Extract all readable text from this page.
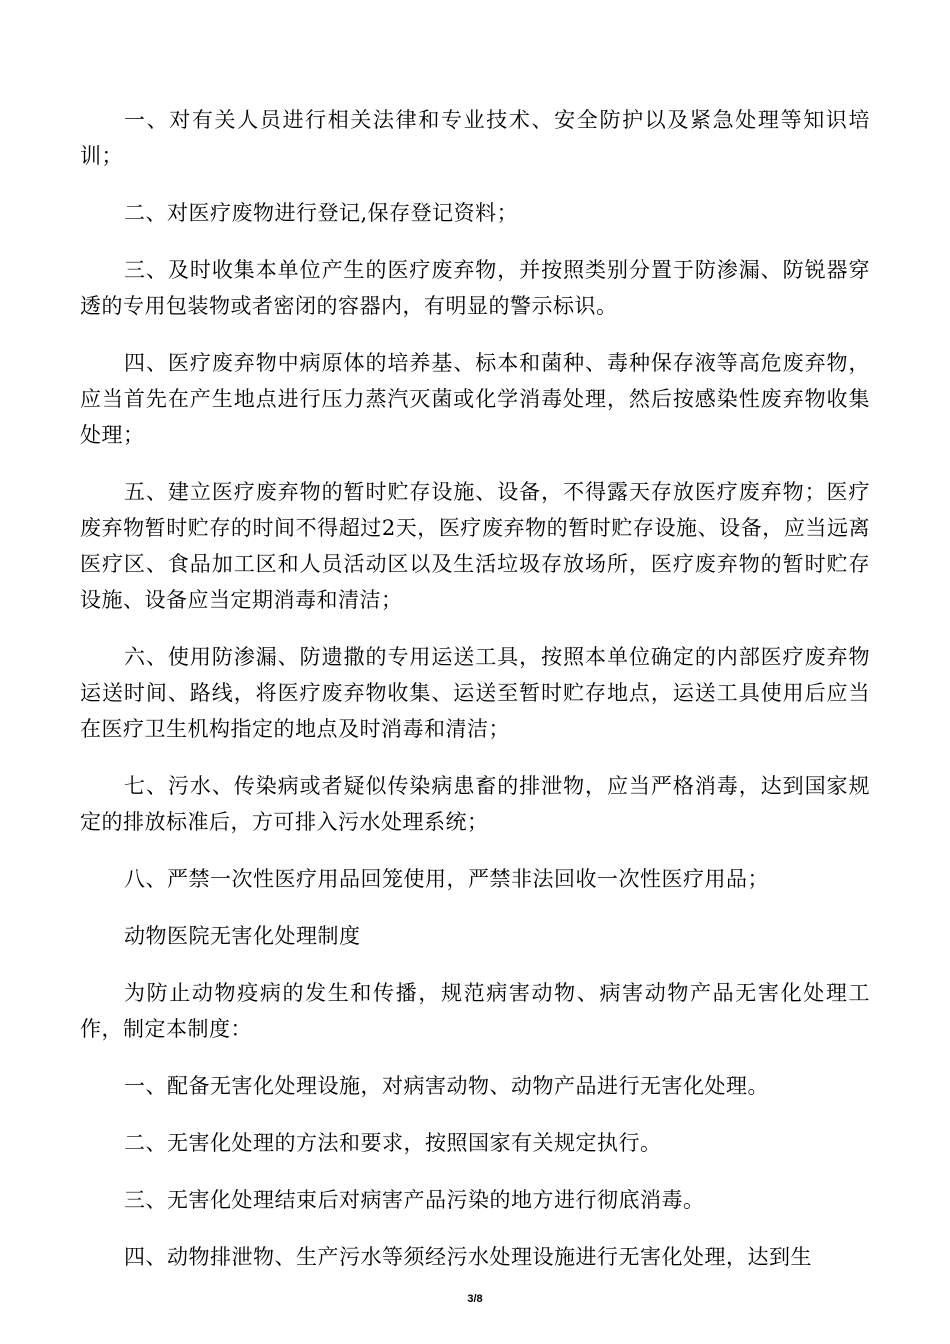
一、对有关人员进行相关法律和专业技术、安全防护以及紧急处理等知识培训；

二、对医疗废物进行登记,保存登记资料；

三、及时收集本单位产生的医疗废弃物，并按照类别分置于防渗漏、防锐器穿透的专用包装物或者密闭的容器内，有明显的警示标识。

四、医疗废弃物中病原体的培养基、标本和菌种、毒种保存液等高危废弃物，应当首先在产生地点进行压力蒸汽灭菌或化学消毒处理，然后按感染性废弃物收集处理；

五、建立医疗废弃物的暂时贮存设施、设备，不得露天存放医疗废弃物；医疗废弃物暂时贮存的时间不得超过2天，医疗废弃物的暂时贮存设施、设备，应当远离医疗区、食品加工区和人员活动区以及生活垃圾存放场所，医疗废弃物的暂时贮存设施、设备应当定期消毒和清洁；

六、使用防渗漏、防遗撒的专用运送工具，按照本单位确定的内部医疗废弃物运送时间、路线，将医疗废弃物收集、运送至暂时贮存地点，运送工具使用后应当在医疗卫生机构指定的地点及时消毒和清洁；

七、污水、传染病或者疑似传染病患畜的排泄物，应当严格消毒，达到国家规定的排放标准后，方可排入污水处理系统；

八、严禁一次性医疗用品回笼使用，严禁非法回收一次性医疗用品；

动物医院无害化处理制度

为防止动物疫病的发生和传播，规范病害动物、病害动物产品无害化处理工作，制定本制度：

一、配备无害化处理设施，对病害动物、动物产品进行无害化处理。

二、无害化处理的方法和要求，按照国家有关规定执行。

三、无害化处理结束后对病害产品污染的地方进行彻底消毒。

四、动物排泄物、生产污水等须经污水处理设施进行无害化处理，达到生

3/8
